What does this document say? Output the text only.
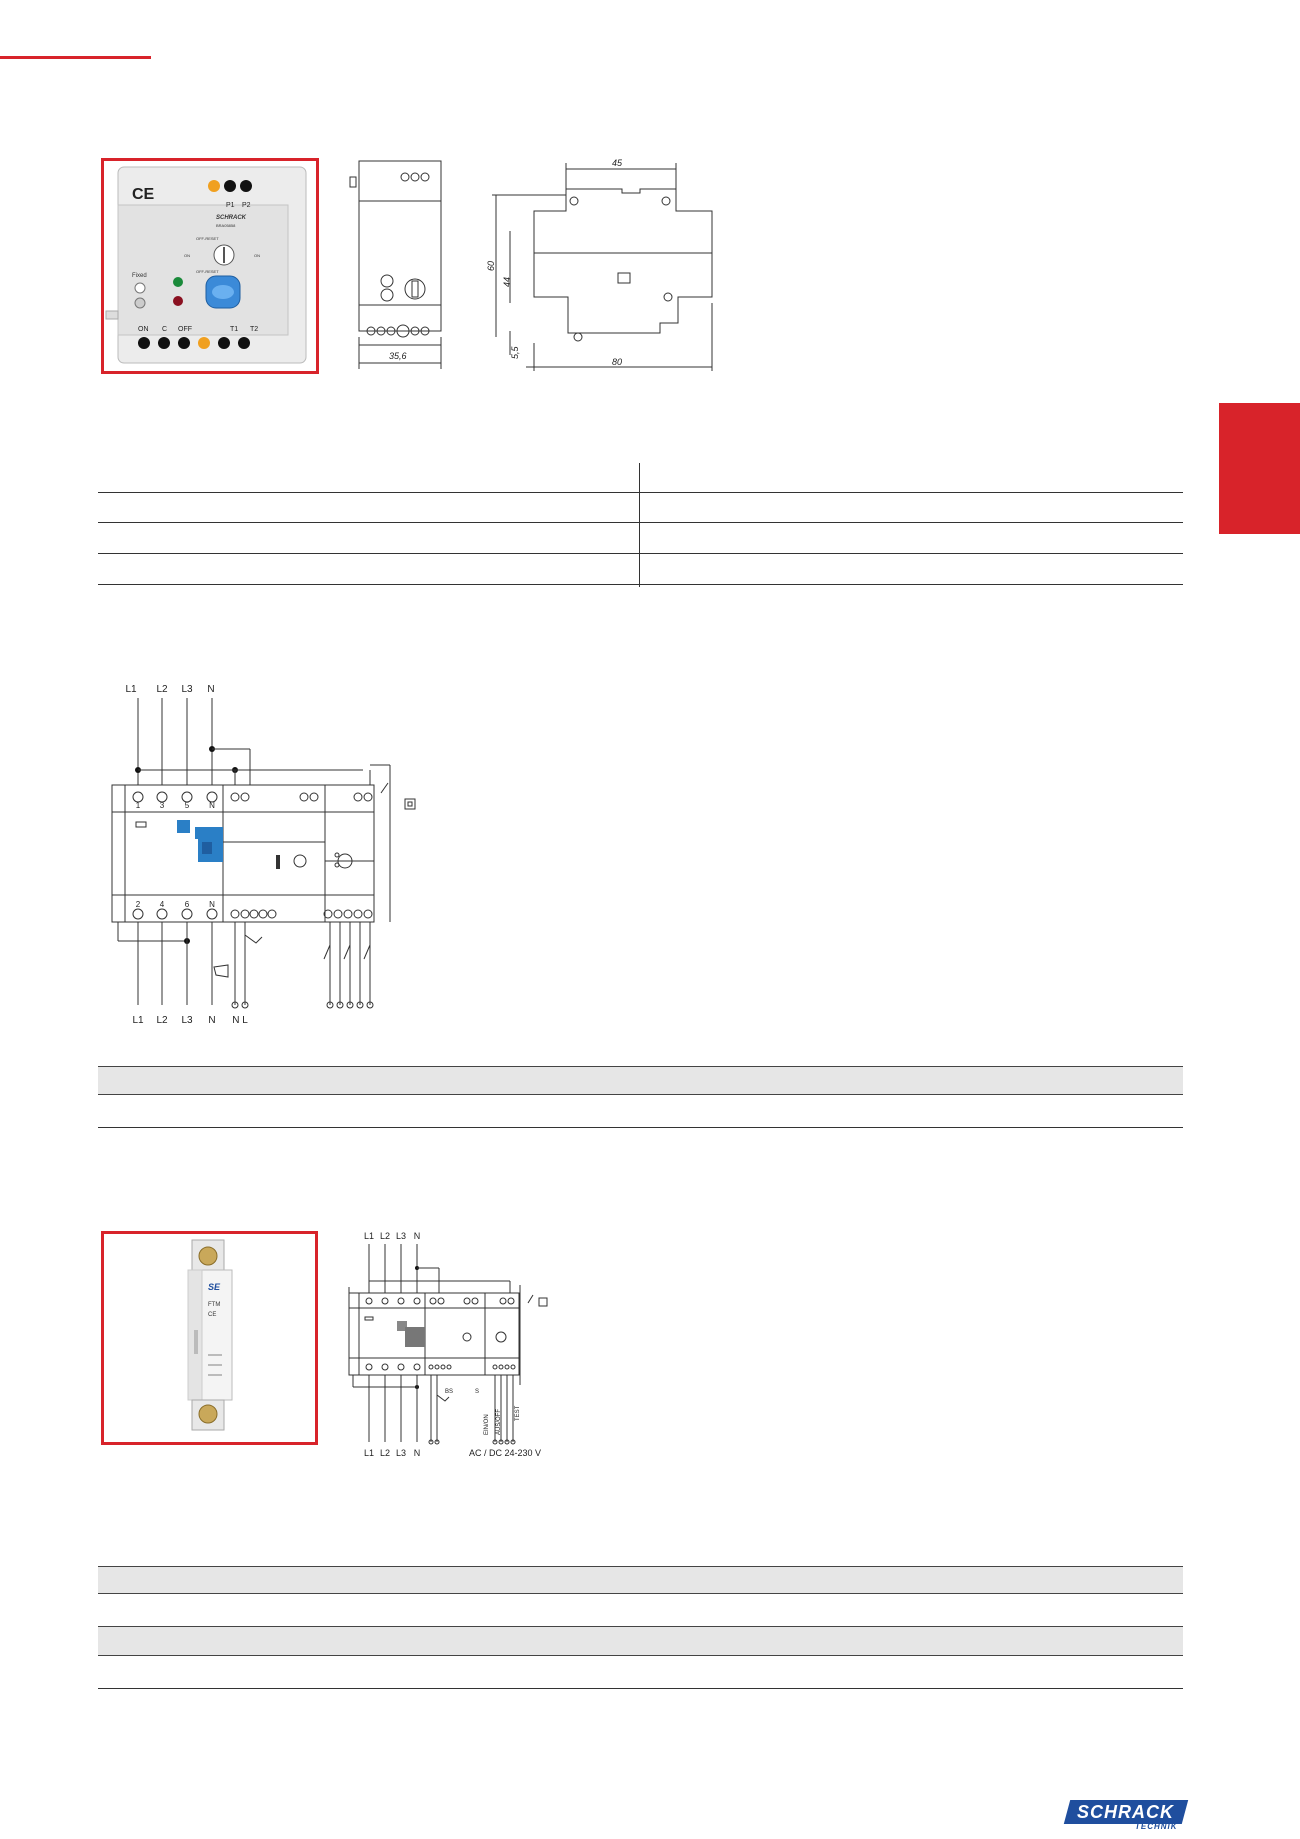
CE
P1 P2
SCHRACK
BRA05858
OFF-RESET
ON	ON
OFF-RESET
Fixed
ON C OFF	T1 T2
35,6
45
60
44
5,5
80
L1 L2 L3 N
1 3	5 N
2 4	6 N
L1 L2 L3 N N L
SE
FTM
CE
L1 L2 L3 N
BS	S
EIN/ON AUS/OFF TEST
L1 L2 L3 N	AC / DC 24-230 V
SCHRACK
TECHNIK
